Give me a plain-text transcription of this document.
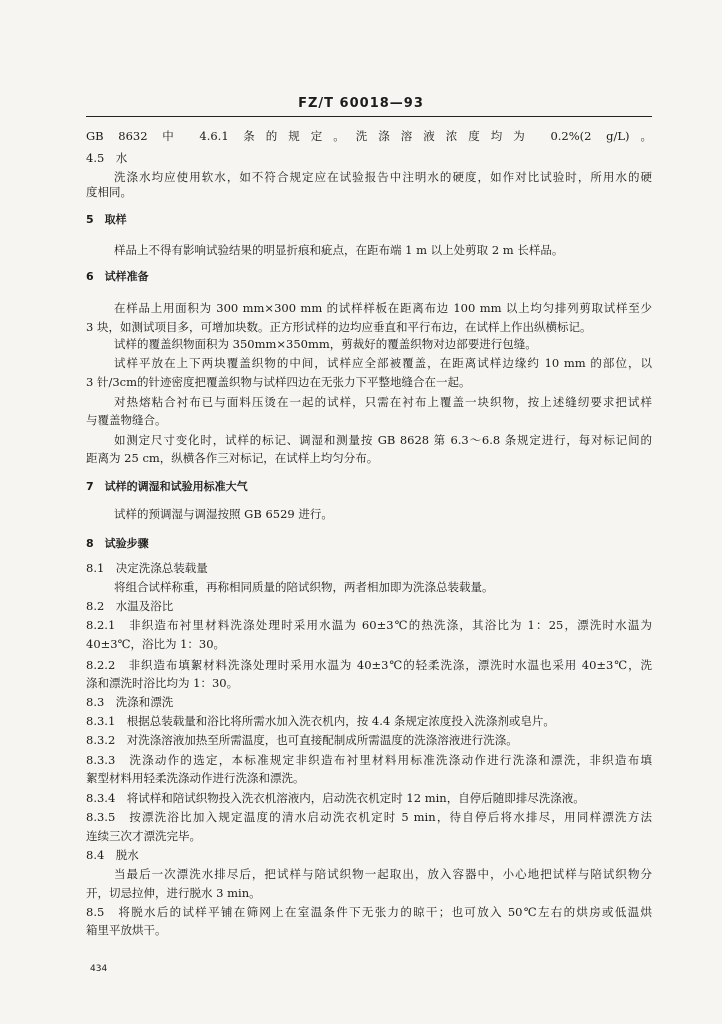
FZ/T 60018—93
GB 8632 中 4.6.1 条的规定。洗涤溶液浓度均为 0.2%(2 g/L)。
4.5　水
洗涤水均应使用软水，如不符合规定应在试验报告中注明水的硬度，如作对比试验时，所用水的硬
度相同。
5　取样
样品上不得有影响试验结果的明显折痕和疵点，在距布端 1 m 以上处剪取 2 m 长样品。
6　试样准备
在样品上用面积为 300 mm×300 mm 的试样样板在距离布边 100 mm 以上均匀排列剪取试样至少
3 块，如测试项目多，可增加块数。正方形试样的边均应垂直和平行布边，在试样上作出纵横标记。
试样的覆盖织物面积为 350mm×350mm，剪裁好的覆盖织物对边部要进行包缝。
试样平放在上下两块覆盖织物的中间，试样应全部被覆盖，在距离试样边缘约 10 mm 的部位，以
3 针/3cm的针迹密度把覆盖织物与试样四边在无张力下平整地缝合在一起。
对热熔粘合衬布已与面料压烫在一起的试样，只需在衬布上覆盖一块织物，按上述缝纫要求把试样
与覆盖物缝合。
如测定尺寸变化时，试样的标记、调湿和测量按 GB 8628 第 6.3～6.8 条规定进行，每对标记间的
距离为 25 cm，纵横各作三对标记，在试样上均匀分布。
7　试样的调湿和试验用标准大气
试样的预调湿与调湿按照 GB 6529 进行。
8　试验步骤
8.1　决定洗涤总装载量
将组合试样称重，再称相同质量的陪试织物，两者相加即为洗涤总装载量。
8.2　水温及浴比
8.2.1　非织造布衬里材料洗涤处理时采用水温为 60±3℃的热洗涤，其浴比为 1：25，漂洗时水温为
40±3℃，浴比为 1：30。
8.2.2　非织造布填絮材料洗涤处理时采用水温为 40±3℃的轻柔洗涤，漂洗时水温也采用 40±3℃，洗
涤和漂洗时浴比均为 1：30。
8.3　洗涤和漂洗
8.3.1　根据总装载量和浴比将所需水加入洗衣机内，按 4.4 条规定浓度投入洗涤剂或皂片。
8.3.2　对洗涤溶液加热至所需温度，也可直接配制成所需温度的洗涤溶液进行洗涤。
8.3.3　洗涤动作的选定，本标准规定非织造布衬里材料用标准洗涤动作进行洗涤和漂洗，非织造布填
絮型材料用轻柔洗涤动作进行洗涤和漂洗。
8.3.4　将试样和陪试织物投入洗衣机溶液内，启动洗衣机定时 12 min，自停后随即排尽洗涤液。
8.3.5　按漂洗浴比加入规定温度的清水启动洗衣机定时 5 min，待自停后将水排尽，用同样漂洗方法
连续三次才漂洗完毕。
8.4　脱水
当最后一次漂洗水排尽后，把试样与陪试织物一起取出，放入容器中，小心地把试样与陪试织物分
开，切忌拉伸，进行脱水 3 min。
8.5　将脱水后的试样平铺在筛网上在室温条件下无张力的晾干；也可放入 50℃左右的烘房或低温烘
箱里平放烘干。
434
